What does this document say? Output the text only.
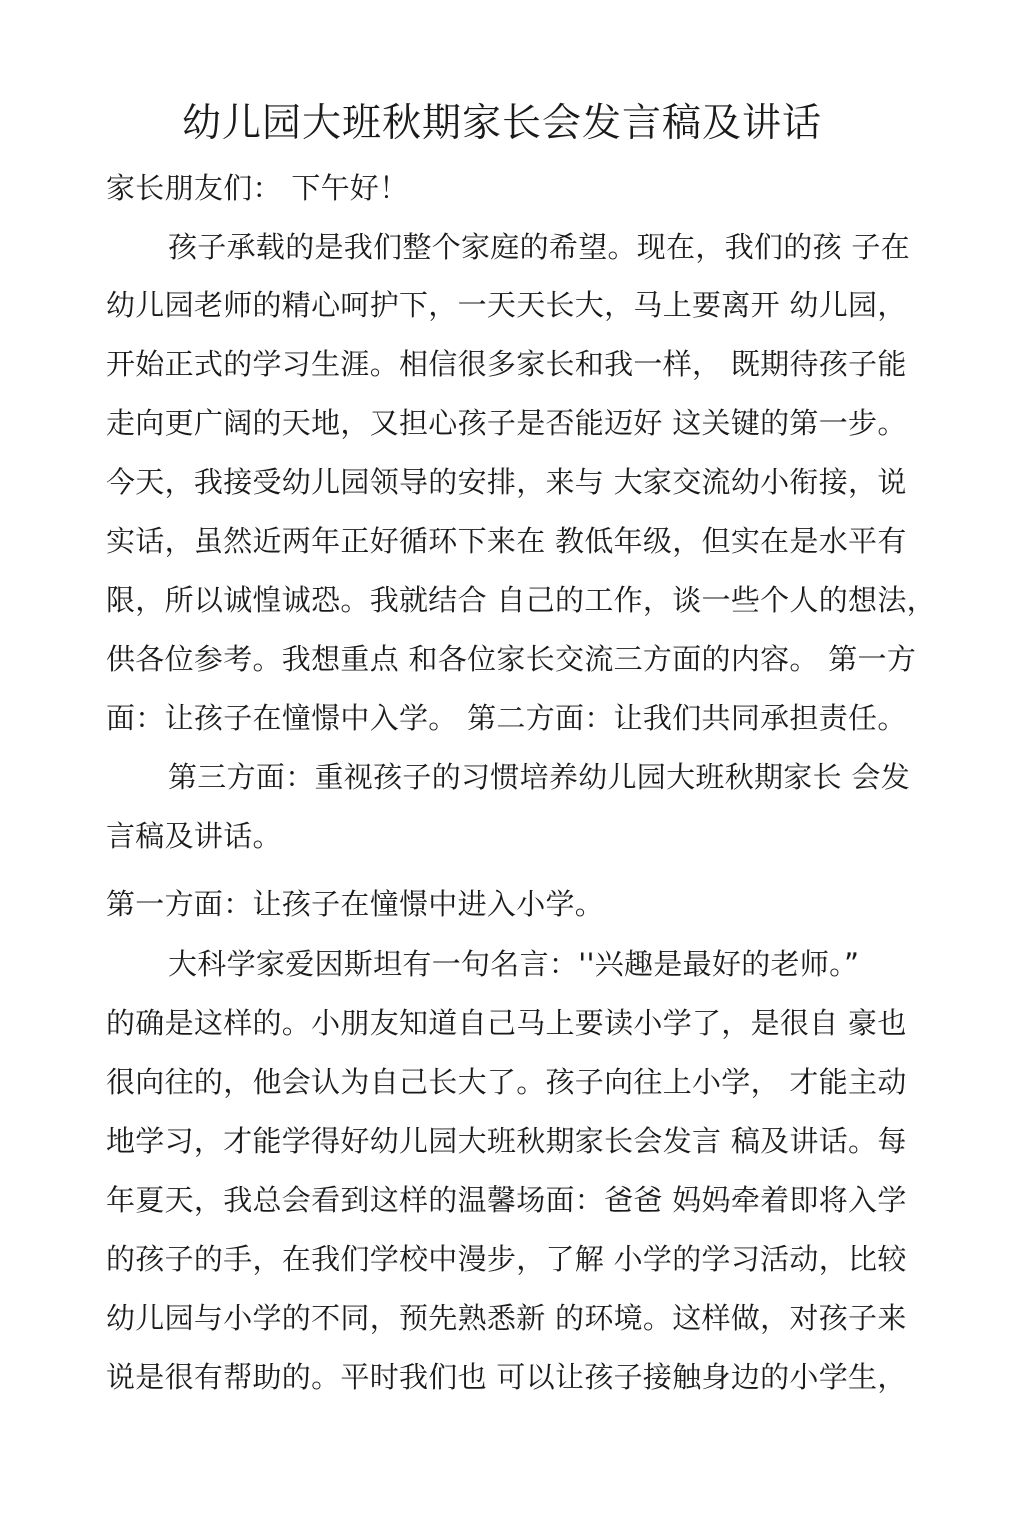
幼儿园大班秋期家长会发言稿及讲话
家长朋友们： 下午好！
孩子承载的是我们整个家庭的希望。现在，我们的孩 子在
幼儿园老师的精心呵护下，一天天长大，马上要离开 幼儿园，
开始正式的学习生涯。相信很多家长和我一样， 既期待孩子能
走向更广阔的天地，又担心孩子是否能迈好 这关键的第一步。
今天，我接受幼儿园领导的安排，来与 大家交流幼小衔接，说
实话，虽然近两年正好循环下来在 教低年级，但实在是水平有
限，所以诚惶诚恐。我就结合 自己的工作，谈一些个人的想法，
供各位参考。我想重点 和各位家长交流三方面的内容。 第一方
面：让孩子在憧憬中入学。 第二方面：让我们共同承担责任。
第三方面：重视孩子的习惯培养幼儿园大班秋期家长 会发
言稿及讲话。
第一方面：让孩子在憧憬中进入小学。
大科学家爱因斯坦有一句名言：''兴趣是最好的老师。”
的确是这样的。小朋友知道自己马上要读小学了，是很自 豪也
很向往的，他会认为自己长大了。孩子向往上小学， 才能主动
地学习，才能学得好幼儿园大班秋期家长会发言 稿及讲话。每
年夏天，我总会看到这样的温馨场面：爸爸 妈妈牵着即将入学
的孩子的手，在我们学校中漫步，了解 小学的学习活动，比较
幼儿园与小学的不同，预先熟悉新 的环境。这样做，对孩子来
说是很有帮助的。平时我们也 可以让孩子接触身边的小学生，
